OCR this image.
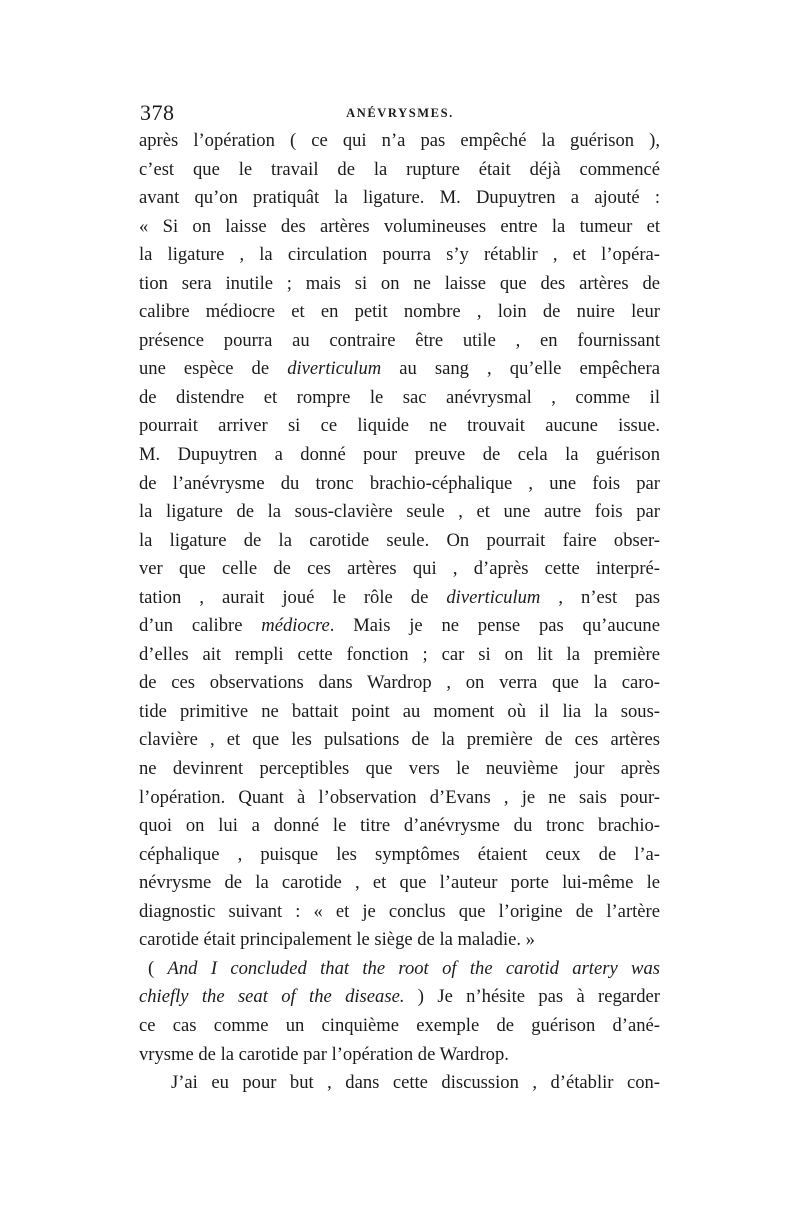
378	ANÉVRYSMES.
après l’opération ( ce qui n’a pas empêché la guérison ),
c’est que le travail de la rupture était déjà commencé
avant qu’on pratiquât la ligature. M. Dupuytren a ajouté :
« Si on laisse des artères volumineuses entre la tumeur et
la ligature , la circulation pourra s’y rétablir , et l’opéra-
tion sera inutile ; mais si on ne laisse que des artères de
calibre médiocre et en petit nombre , loin de nuire leur
présence pourra au contraire être utile , en fournissant
une espèce de diverticulum au sang , qu’elle empêchera
de distendre et rompre le sac anévrysmal , comme il
pourrait arriver si ce liquide ne trouvait aucune issue.
M. Dupuytren a donné pour preuve de cela la guérison
de l’anévrysme du tronc brachio-céphalique , une fois par
la ligature de la sous-clavière seule , et une autre fois par
la ligature de la carotide seule. On pourrait faire obser-
ver que celle de ces artères qui , d’après cette interpré-
tation , aurait joué le rôle de diverticulum , n’est pas
d’un calibre médiocre. Mais je ne pense pas qu’aucune
d’elles ait rempli cette fonction ; car si on lit la première
de ces observations dans Wardrop , on verra que la caro-
tide primitive ne battait point au moment où il lia la sous-
clavière , et que les pulsations de la première de ces artères
ne devinrent perceptibles que vers le neuvième jour après
l’opération. Quant à l’observation d’Evans , je ne sais pour-
quoi on lui a donné le titre d’anévrysme du tronc brachio-
céphalique , puisque les symptômes étaient ceux de l’a-
névrysme de la carotide , et que l’auteur porte lui-même le
diagnostic suivant : « et je conclus que l’origine de l’artère
carotide était principalement le siège de la maladie. »
( And I concluded that the root of the carotid artery was
chiefly the seat of the disease. ) Je n’hésite pas à regarder
ce cas comme un cinquième exemple de guérison d’ané-
vrysme de la carotide par l’opération de Wardrop.
J’ai eu pour but , dans cette discussion , d’établir con-
